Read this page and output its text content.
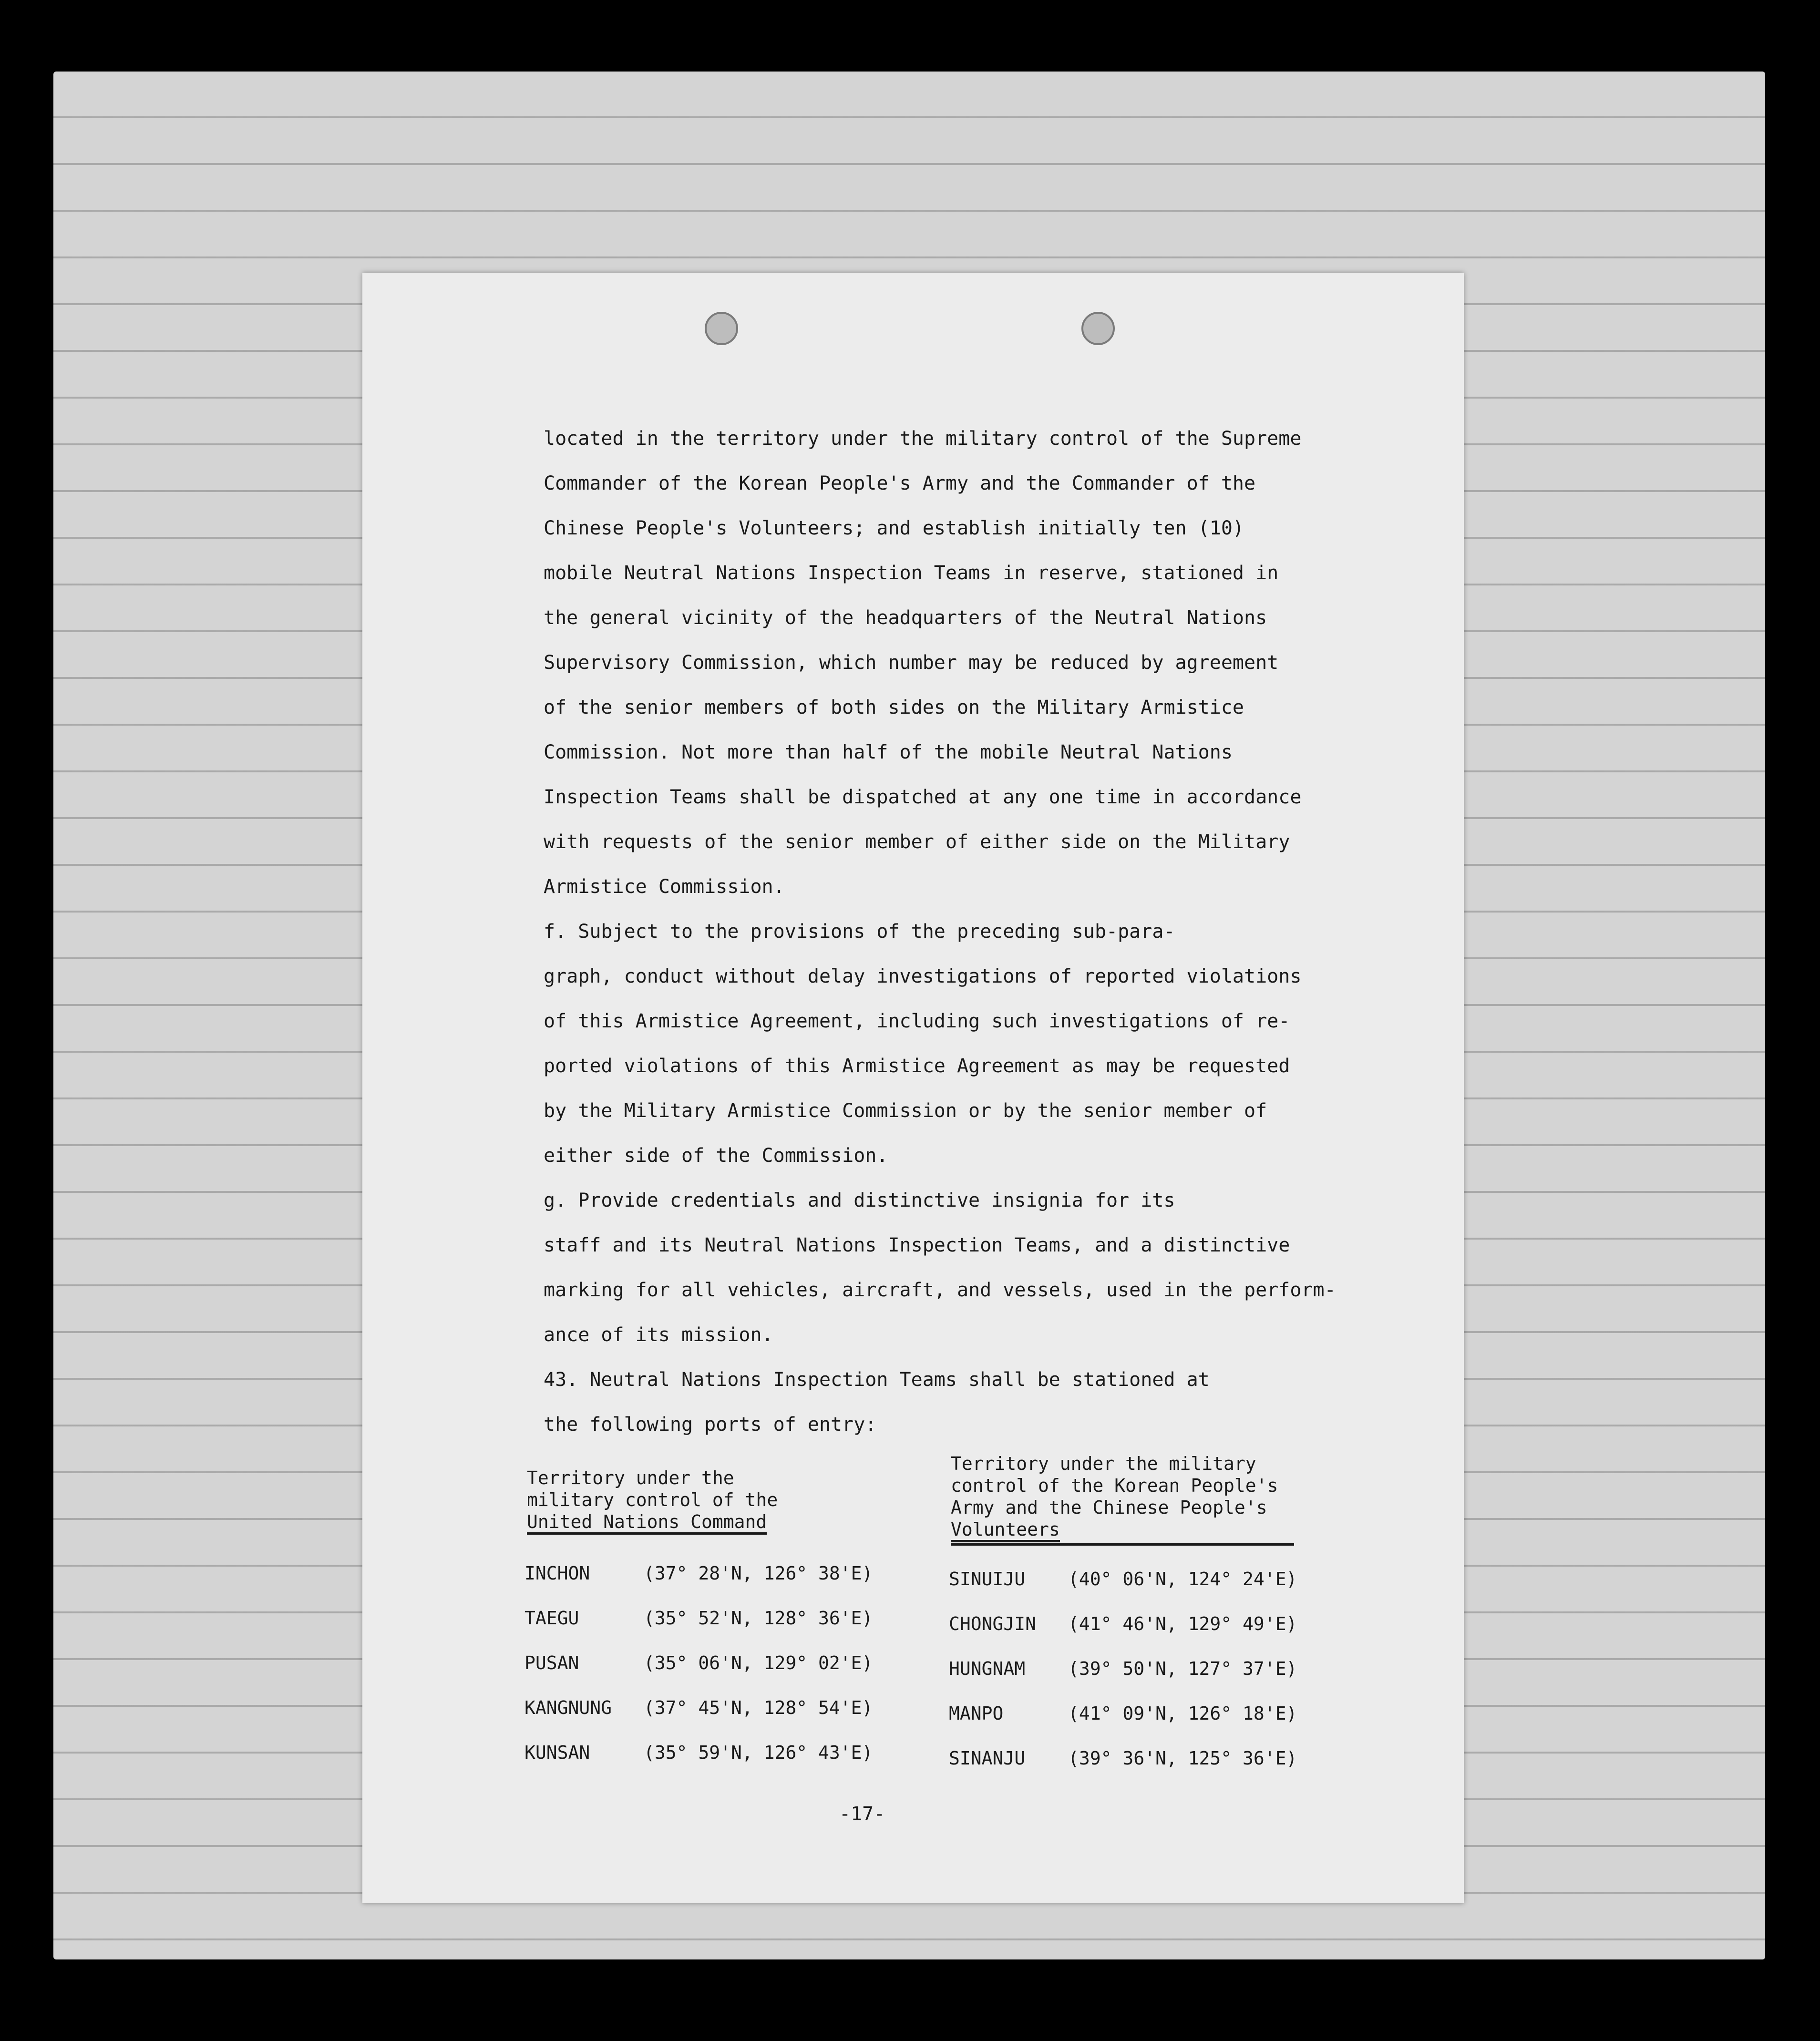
located in the territory under the military control of the Supreme

Commander of the Korean People's Army and the Commander of the

Chinese People's Volunteers; and establish initially ten (10)

mobile Neutral Nations Inspection Teams in reserve, stationed in

the general vicinity of the headquarters of the Neutral Nations

Supervisory Commission, which number may be reduced by agreement

of the senior members of both sides on the Military Armistice

Commission. Not more than half of the mobile Neutral Nations

Inspection Teams shall be dispatched at any one time in accordance

with requests of the senior member of either side on the Military

Armistice Commission.

f. Subject to the provisions of the preceding sub-para-

graph, conduct without delay investigations of reported violations

of this Armistice Agreement, including such investigations of re-

ported violations of this Armistice Agreement as may be requested

by the Military Armistice Commission or by the senior member of

either side of the Commission.

g. Provide credentials and distinctive insignia for its

staff and its Neutral Nations Inspection Teams, and a distinctive

marking for all vehicles, aircraft, and vessels, used in the perform-

ance of its mission.

43. Neutral Nations Inspection Teams shall be stationed at

the following ports of entry:

Territory under the
military control of the
United Nations Command
Territory under the military
control of the Korean People's
Army and the Chinese People's
Volunteers
INCHON	(37° 28'N, 126° 38'E)
TAEGU	(35° 52'N, 128° 36'E)
PUSAN	(35° 06'N, 129° 02'E)
KANGNUNG (37° 45'N, 128° 54'E)
KUNSAN	(35° 59'N, 126° 43'E)
SINUIJU (40° 06'N, 124° 24'E)
CHONGJIN (41° 46'N, 129° 49'E)
HUNGNAM (39° 50'N, 127° 37'E)
MANPO	(41° 09'N, 126° 18'E)
SINANJU (39° 36'N, 125° 36'E)
-17-
